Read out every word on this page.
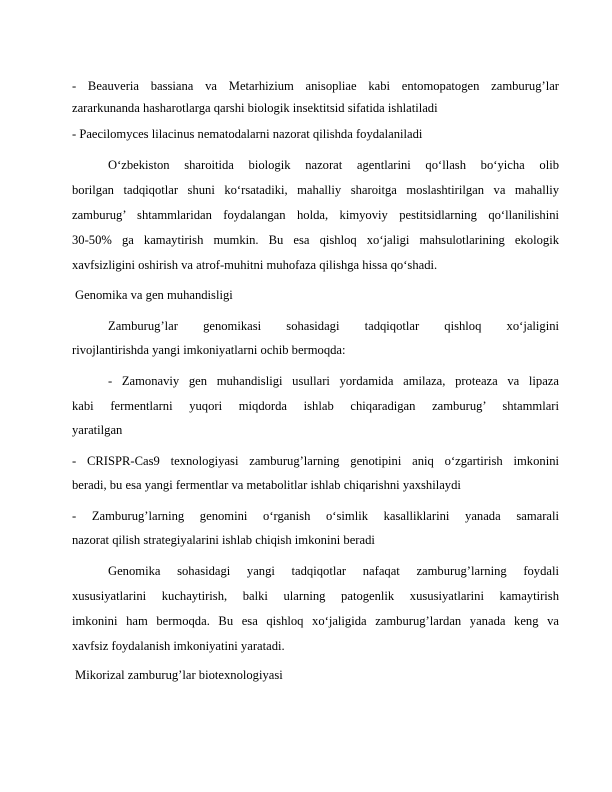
- Beauveria bassiana va Metarhizium anisopliae kabi entomopatogen zamburug’lar
zararkunanda hasharotlarga qarshi biologik insektitsid sifatida ishlatiladi
- Paecilomyces lilacinus nematodalarni nazorat qilishda foydalaniladi
Oʻzbekiston sharoitida biologik nazorat agentlarini qoʻllash boʻyicha olib
borilgan tadqiqotlar shuni koʻrsatadiki, mahalliy sharoitga moslashtirilgan va mahalliy
zamburug’ shtammlaridan foydalangan holda, kimyoviy pestitsidlarning qoʻllanilishini
30-50% ga kamaytirish mumkin. Bu esa qishloq xoʻjaligi mahsulotlarining ekologik
xavfsizligini oshirish va atrof-muhitni muhofaza qilishga hissa qoʻshadi.
Genomika va gen muhandisligi
Zamburug’lar genomikasi sohasidagi tadqiqotlar qishloq xoʻjaligini
rivojlantirishda yangi imkoniyatlarni ochib bermoqda:
- Zamonaviy gen muhandisligi usullari yordamida amilaza, proteaza va lipaza
kabi fermentlarni yuqori miqdorda ishlab chiqaradigan zamburug’ shtammlari
yaratilgan
- CRISPR-Cas9 texnologiyasi zamburug’larning genotipini aniq oʻzgartirish imkonini
beradi, bu esa yangi fermentlar va metabolitlar ishlab chiqarishni yaxshilaydi
- Zamburug’larning genomini oʻrganish oʻsimlik kasalliklarini yanada samarali
nazorat qilish strategiyalarini ishlab chiqish imkonini beradi
Genomika sohasidagi yangi tadqiqotlar nafaqat zamburug’larning foydali
xususiyatlarini kuchaytirish, balki ularning patogenlik xususiyatlarini kamaytirish
imkonini ham bermoqda. Bu esa qishloq xoʻjaligida zamburug’lardan yanada keng va
xavfsiz foydalanish imkoniyatini yaratadi.
Mikorizal zamburug’lar biotexnologiyasi
